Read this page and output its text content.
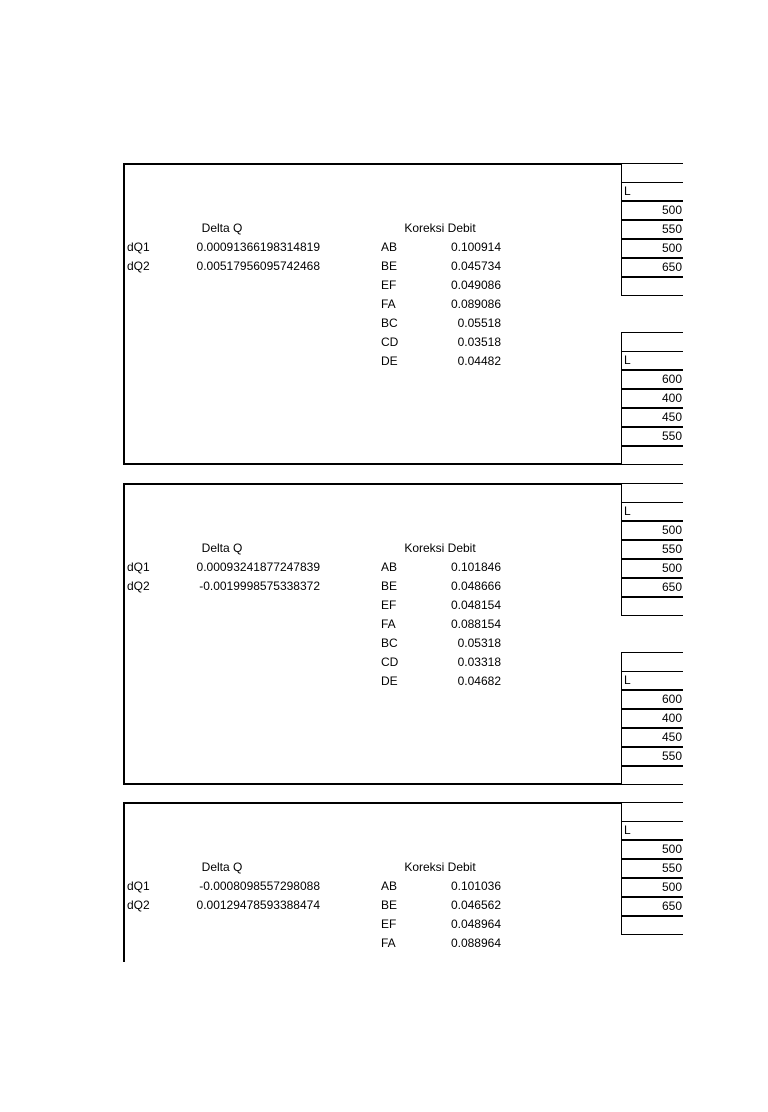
Delta Q	Koreksi Debit
dQ1	0.00091366198314819
dQ2	0.00517956095742468
AB	0.100914
BE	0.045734
EF	0.049086
FA	0.089086
BC	0.05518
CD	0.03518
DE	0.04482
L
500
550
500
650
L
600
400
450
550
Delta Q	Koreksi Debit
dQ1	0.00093241877247839
dQ2	-0.0019998575338372
AB	0.101846
BE	0.048666
EF	0.048154
FA	0.088154
BC	0.05318
CD	0.03318
DE	0.04682
L
500
550
500
650
L
600
400
450
550
Delta Q	Koreksi Debit
dQ1	-0.0008098557298088
dQ2	0.00129478593388474
AB	0.101036
BE	0.046562
EF	0.048964
FA	0.088964
L
500
550
500
650
